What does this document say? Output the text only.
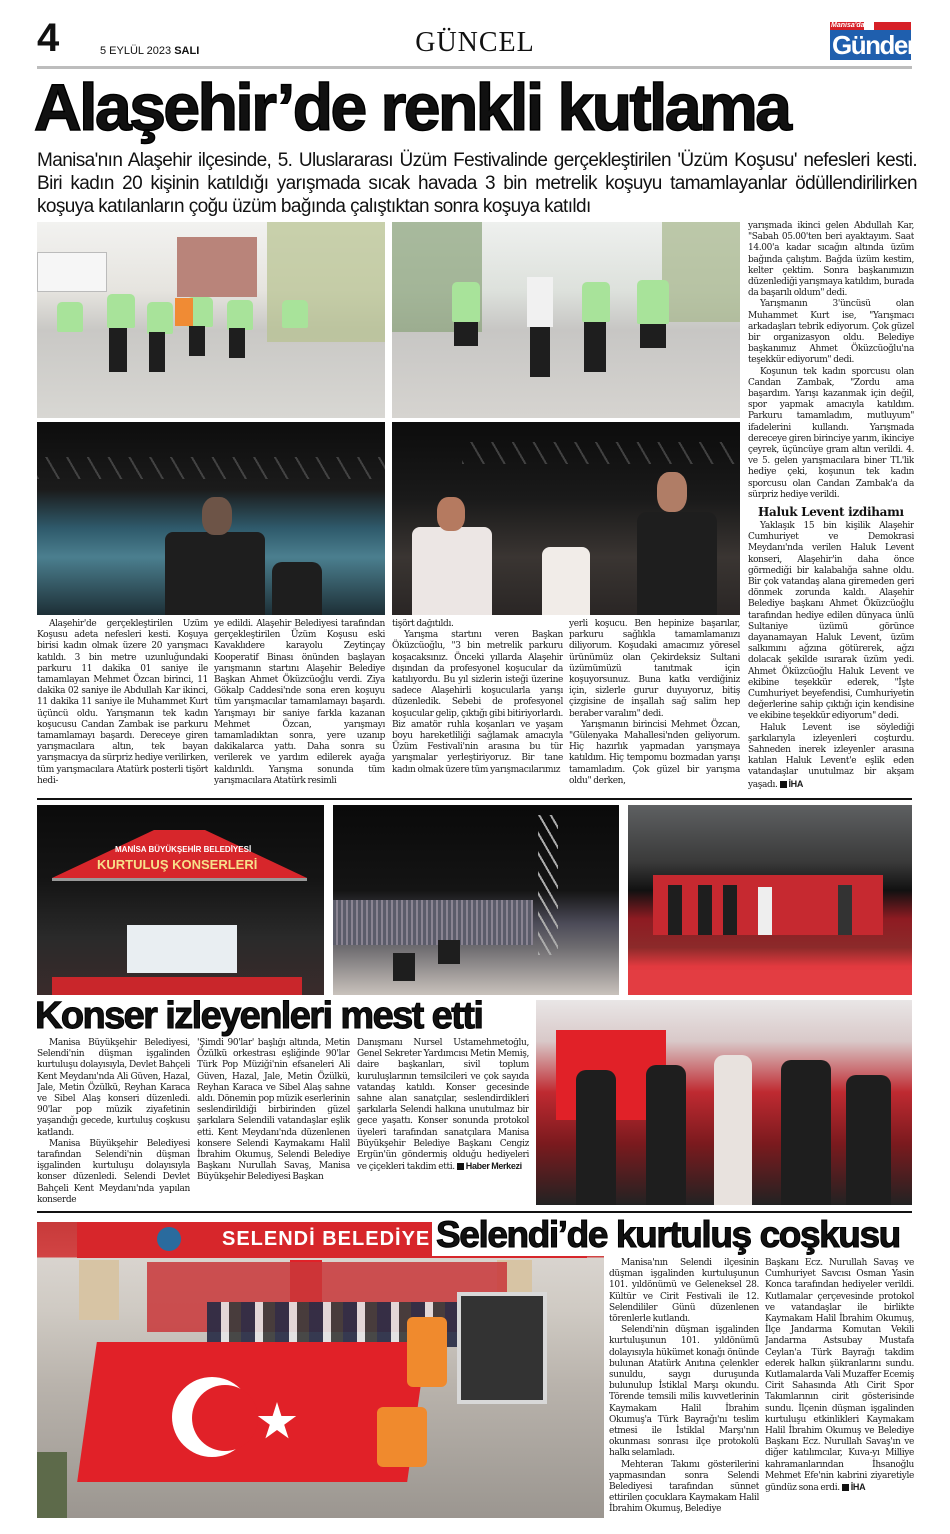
4	5 EYLÜL 2023 SALI	GÜNCEL
Manisa'da
Gündem
Alaşehir’de renkli kutlama
Manisa'nın Alaşehir ilçesinde, 5. Uluslararası Üzüm Festivalinde gerçekleştirilen 'Üzüm Koşusu' nefesleri kesti. Biri kadın 20 kişinin katıldığı yarışmada sıcak havada 3 bin metrelik koşuyu tamamlayanlar ödüllendirilirken koşuya katılanların çoğu üzüm bağında çalıştıktan sonra koşuya katıldı

Alaşehir'de gerçekleştirilen Üzüm Koşusu adeta nefesleri kesti. Koşuya birisi kadın olmak üzere 20 yarışmacı katıldı. 3 bin metre uzunluğundaki parkuru 11 dakika 01 saniye ile tamamlayan Mehmet Özcan birinci, 11 dakika 02 saniye ile Abdullah Kar ikinci, 11 dakika 11 saniye ile Muhammet Kurt üçüncü oldu. Yarışmanın tek kadın koşucusu Candan Zambak ise parkuru tamamlamayı başardı. Dereceye giren yarışmacılara altın, tek bayan yarışmacıya da sürpriz hediye verilirken, tüm yarışmacılara Atatürk posterli tişört hedi-

ye edildi. Alaşehir Belediyesi tarafından gerçekleştirilen Üzüm Koşusu eski Kavaklıdere karayolu Zeytinçay Kooperatif Binası önünden başlayan yarışmanın startını Alaşehir Belediye Başkan Ahmet Öküzcüoğlu verdi. Ziya Gökalp Caddesi'nde sona eren koşuyu tüm yarışmacılar tamamlamayı başardı. Yarışmayı bir saniye farkla kazanan Mehmet Özcan, yarışmayı tamamladıktan sonra, yere uzanıp dakikalarca yattı. Daha sonra su verilerek ve yardım edilerek ayağa kaldırıldı. Yarışma sonunda tüm yarışmacılara Atatürk resimli

tişört dağıtıldı.

Yarışma startını veren Başkan Öküzcüoğlu, "3 bin metrelik parkuru koşacaksınız. Önceki yıllarda Alaşehir dışından da profesyonel koşucular da katılıyordu. Bu yıl sizlerin isteği üzerine sadece Alaşehirli koşucularla yarışı düzenledik. Sebebi de profesyonel koşucular gelip, çıktığı gibi bitiriyorlardı. Biz amatör ruhla koşanları ve yaşam boyu hareketliliği sağlamak amacıyla Üzüm Festivali'nin arasına bu tür yarışmalar yerleştiriyoruz. Bir tane kadın olmak üzere tüm yarışmacılarımız

yerli koşucu. Ben hepinize başarılar, parkuru sağlıkla tamamlamanızı diliyorum. Koşudaki amacımız yöresel ürünümüz olan Çekirdeksiz Sultani üzümümüzü tanıtmak için koşuyorsunuz. Buna katkı verdiğiniz için, sizlerle gurur duyuyoruz, bitiş çizgisine de inşallah sağ salim hep beraber varalım" dedi.

Yarışmanın birincisi Mehmet Özcan, "Gülenyaka Mahallesi'nden geliyorum. Hiç hazırlık yapmadan yarışmaya katıldım. Hiç tempomu bozmadan yarışı tamamladım. Çok güzel bir yarışma oldu" derken,

yarışmada ikinci gelen Abdullah Kar, "Sabah 05.00'ten beri ayaktayım. Saat 14.00'a kadar sıcağın altında üzüm bağında çalıştım. Bağda üzüm kestim, kelter çektim. Sonra başkanımızın düzenlediği yarışmaya katıldım, burada da başarılı oldum" dedi.

Yarışmanın 3'üncüsü olan Muhammet Kurt ise, "Yarışmacı arkadaşları tebrik ediyorum. Çok güzel bir organizasyon oldu. Belediye başkanımız Ahmet Öküzcüoğlu'na teşekkür ediyorum" dedi.

Koşunun tek kadın sporcusu olan Candan Zambak, "Zordu ama başardım. Yarışı kazanmak için değil, spor yapmak amacıyla katıldım. Parkuru tamamladım, mutluyum" ifadelerini kullandı. Yarışmada dereceye giren birinciye yarım, ikinciye çeyrek, üçüncüye gram altın verildi. 4. ve 5. gelen yarışmacılara biner TL'lik hediye çeki, koşunun tek kadın sporcusu olan Candan Zambak'a da sürpriz hediye verildi.

Haluk Levent izdihamı

Yaklaşık 15 bin kişilik Alaşehir Cumhuriyet ve Demokrasi Meydanı'nda verilen Haluk Levent konseri, Alaşehir'in daha önce görmediği bir kalabalığa sahne oldu. Bir çok vatandaş alana giremeden geri dönmek zorunda kaldı. Alaşehir Belediye başkanı Ahmet Öküzcüoğlu tarafından hediye edilen dünyaca ünlü Sultaniye üzümü görünce dayanamayan Haluk Levent, üzüm salkımını ağzına götürerek, ağzı dolacak şekilde ısırarak üzüm yedi. Ahmet Öküzcüoğlu Haluk Levent ve ekibine teşekkür ederek, "İşte Cumhuriyet beyefendisi, Cumhuriyetin değerlerine sahip çıktığı için kendisine ve ekibine teşekkür ediyorum" dedi.

Haluk Levent ise söylediği şarkılarıyla izleyenleri coşturdu. Sahneden inerek izleyenler arasına katılan Haluk Levent'e eşlik eden vatandaşlar unutulmaz bir akşam yaşadı. İHA

MANİSA BÜYÜKŞEHİR BELEDİYESİ
KURTULUŞ KONSERLERİ
Konser izleyenleri mest etti

Manisa Büyükşehir Belediyesi, Selendi'nin düşman işgalinden kurtuluşu dolayısıyla, Devlet Bahçeli Kent Meydanı'nda Ali Güven, Hazal, Jale, Metin Özülkü, Reyhan Karaca ve Sibel Alaş konseri düzenledi. 90'lar pop müzik ziyafetinin yaşandığı gecede, kurtuluş coşkusu katlandı.

Manisa Büyükşehir Belediyesi tarafından Selendi'nin düşman işgalinden kurtuluşu dolayısıyla konser düzenledi. Selendi Devlet Bahçeli Kent Meydanı'nda yapılan konserde

'Şimdi 90'lar' başlığı altında, Metin Özülkü orkestrası eşliğinde 90'lar Türk Pop Müziği'nin efsaneleri Ali Güven, Hazal, Jale, Metin Özülkü, Reyhan Karaca ve Sibel Alaş sahne aldı. Dönemin pop müzik eserlerinin seslendirildiği birbirinden güzel şarkılara Selendili vatandaşlar eşlik etti. Kent Meydanı'nda düzenlenen konsere Selendi Kaymakamı Halil İbrahim Okumuş, Selendi Belediye Başkanı Nurullah Savaş, Manisa Büyükşehir Belediyesi Başkan

Danışmanı Nursel Ustamehmetoğlu, Genel Sekreter Yardımcısı Metin Memiş, daire başkanları, sivil toplum kuruluşlarının temsilcileri ve çok sayıda vatandaş katıldı. Konser gecesinde sahne alan sanatçılar, seslendirdikleri şarkılarla Selendi halkına unutulmaz bir gece yaşattı. Konser sonunda protokol üyeleri tarafından sanatçılara Manisa Büyükşehir Belediye Başkanı Cengiz Ergün'ün göndermiş olduğu hediyeleri ve çiçekleri takdim etti. Haber Merkezi

SELENDİ BELEDİYE Selendi’de kurtuluş coşkusu

Manisa'nın Selendi ilçesinin düşman işgalinden kurtuluşunun 101. yıldönümü ve Geleneksel 28. Kültür ve Cirit Festivali ile 12. Selendililer Günü düzenlenen törenlerle kutlandı.

Selendi'nin düşman işgalinden kurtuluşunun 101. yıldönümü dolayısıyla hükümet konağı önünde bulunan Atatürk Anıtına çelenkler sunuldu, saygı duruşunda bulunulup İstiklal Marşı okundu. Törende temsili milis kuvvetlerinin Kaymakam Halil İbrahim Okumuş'a Türk Bayrağı'nı teslim etmesi ile İstiklal Marşı'nın okunması sonrası ilçe protokolü halkı selamladı.

Mehteran Takımı gösterilerini yapmasından sonra Selendi Belediyesi tarafından sünnet ettirilen çocuklara Kaymakam Halil İbrahim Okumuş, Belediye

Başkanı Ecz. Nurullah Savaş ve Cumhuriyet Savcısı Osman Yasin Konca tarafından hediyeler verildi. Kutlamalar çerçevesinde protokol ve vatandaşlar ile birlikte Kaymakam Halil İbrahim Okumuş, İlçe Jandarma Komutan Vekili Jandarma Astsubay Mustafa Ceylan'a Türk Bayrağı takdim ederek halkın şükranlarını sundu. Kutlamalarda Vali Muzaffer Ecemiş Cirit Sahasında Atlı Cirit Spor Takımlarının cirit gösterisinde sundu. İlçenin düşman işgalinden kurtuluşu etkinlikleri Kaymakam Halil İbrahim Okumuş ve Belediye Başkanı Ecz. Nurullah Savaş'ın ve diğer katılımcılar, Kuva-yı Milliye kahramanlarından İhsanoğlu Mehmet Efe'nin kabrini ziyaretiyle gündüz sona erdi. İHA
